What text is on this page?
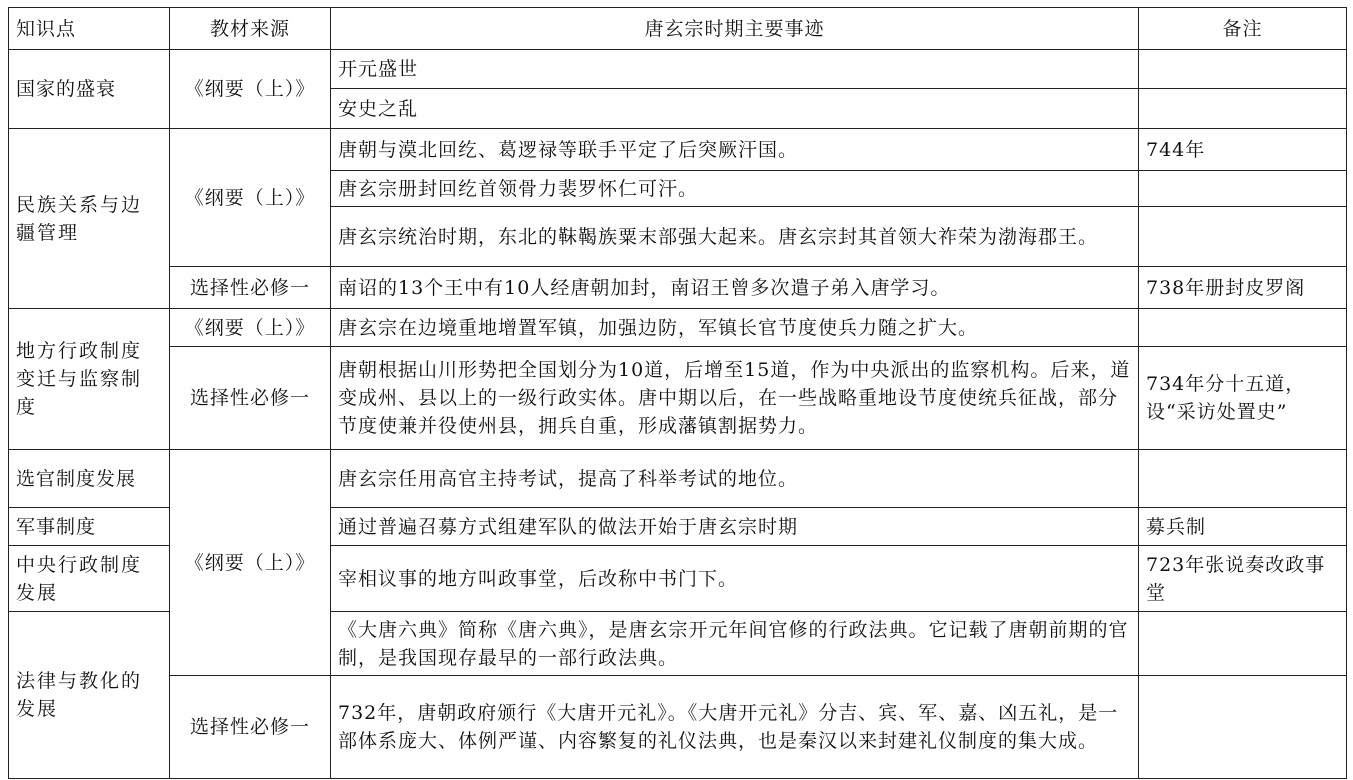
知识点	教材来源	唐玄宗时期主要事迹	备注
国家的盛衰	《纲要（上）》	开元盛世	
		安史之乱	
民族关系与边疆管理	《纲要（上）》	唐朝与漠北回纥、葛逻禄等联手平定了后突厥汗国。	744年
		唐玄宗册封回纥首领骨力裴罗怀仁可汗。	
		唐玄宗统治时期，东北的靺鞨族粟末部强大起来。唐玄宗封其首领大祚荣为渤海郡王。	
	选择性必修一	南诏的13个王中有10人经唐朝加封，南诏王曾多次遣子弟入唐学习。	738年册封皮罗阁
地方行政制度变迁与监察制度	《纲要（上）》	唐玄宗在边境重地增置军镇，加强边防，军镇长官节度使兵力随之扩大。	
	选择性必修一	唐朝根据山川形势把全国划分为10道，后增至15道，作为中央派出的监察机构。后来，道变成州、县以上的一级行政实体。唐中期以后，在一些战略重地设节度使统兵征战，部分节度使兼并役使州县，拥兵自重，形成藩镇割据势力。	734年分十五道，设“采访处置史”
选官制度发展	《纲要（上）》	唐玄宗任用高官主持考试，提高了科举考试的地位。	
军事制度		通过普遍召募方式组建军队的做法开始于唐玄宗时期	募兵制
中央行政制度发展		宰相议事的地方叫政事堂，后改称中书门下。	723年张说奏改政事堂
法律与教化的发展		《大唐六典》简称《唐六典》，是唐玄宗开元年间官修的行政法典。它记载了唐朝前期的官制，是我国现存最早的一部行政法典。	
	选择性必修一	732年，唐朝政府颁行《大唐开元礼》。《大唐开元礼》分吉、宾、军、嘉、凶五礼，是一部体系庞大、体例严谨、内容繁复的礼仪法典，也是秦汉以来封建礼仪制度的集大成。	
